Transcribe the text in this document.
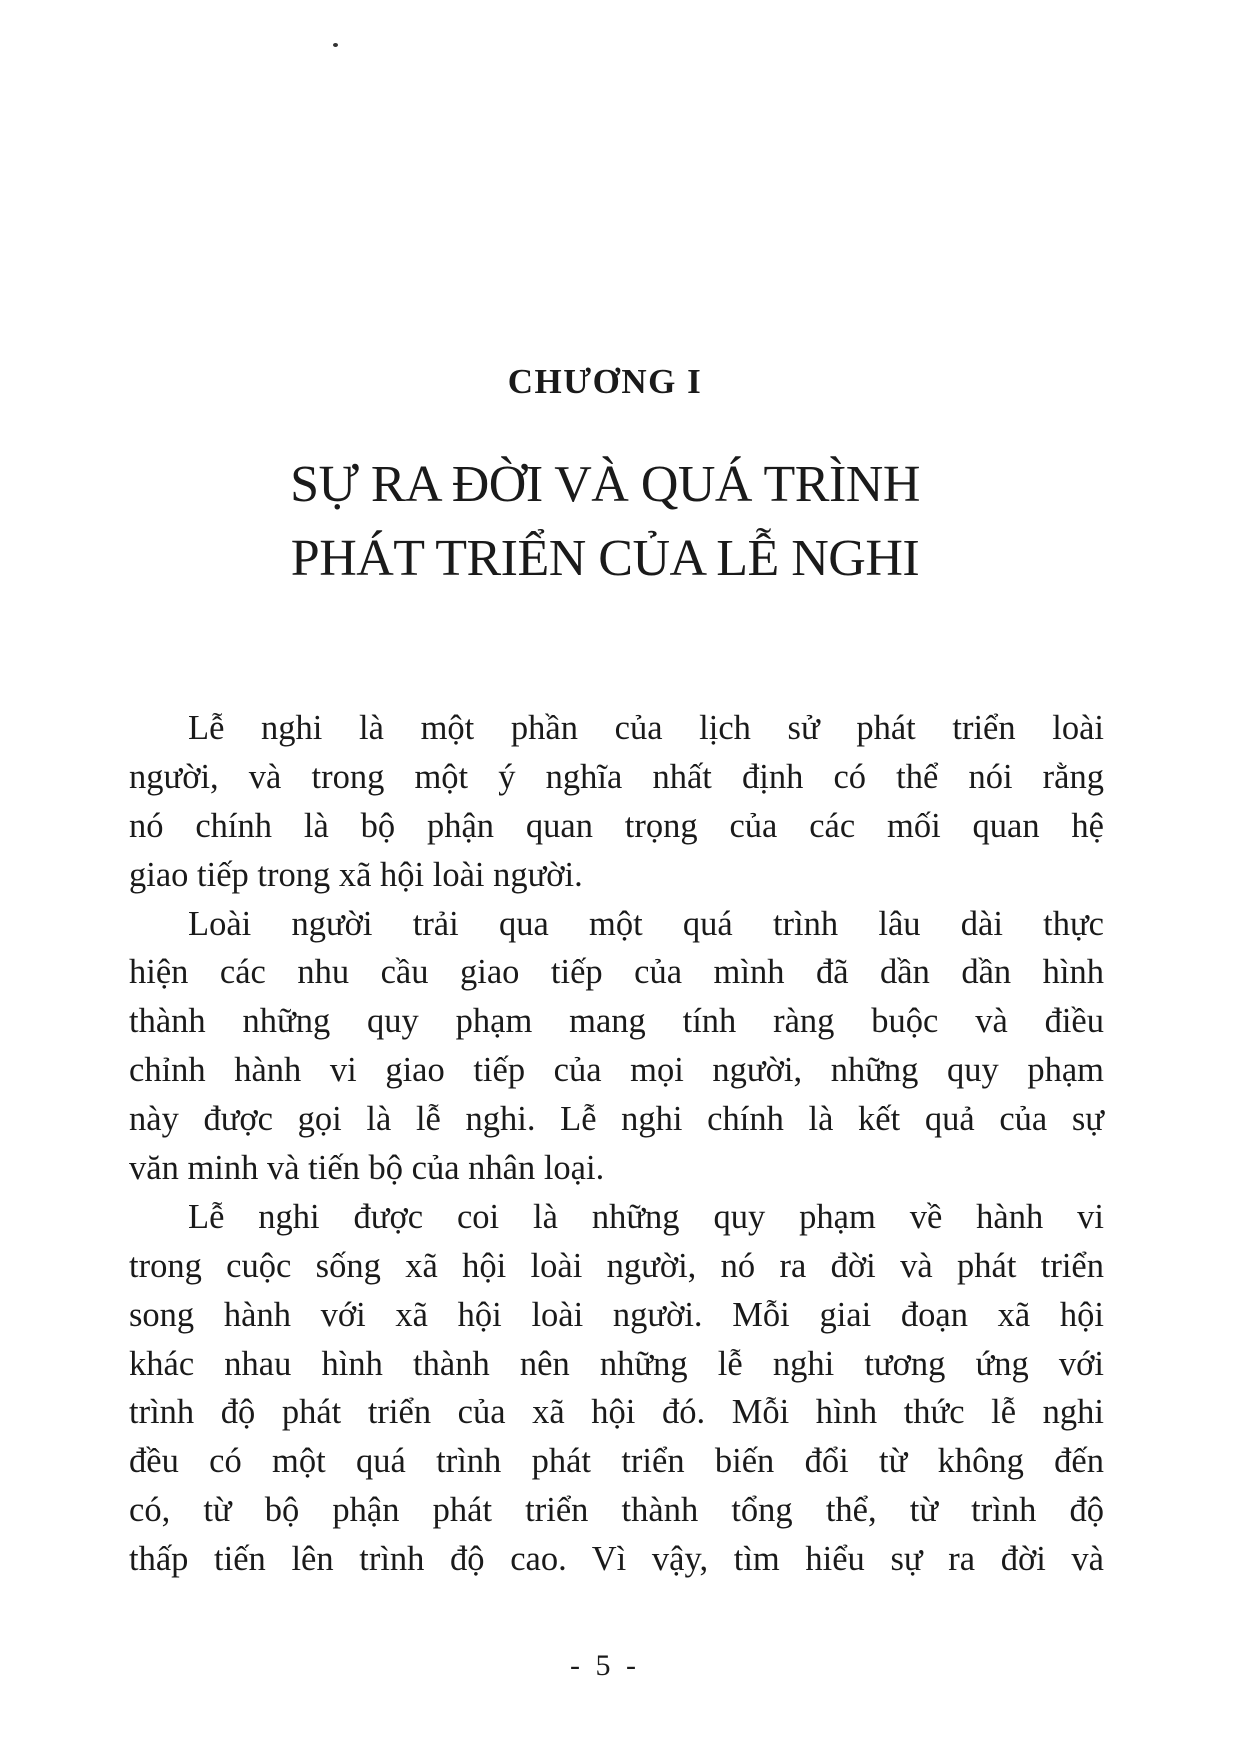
CHƯƠNG I
SỰ RA ĐỜI VÀ QUÁ TRÌNH
PHÁT TRIỂN CỦA LỄ NGHI
Lễ nghi là một phần của lịch sử phát triển loài
người, và trong một ý nghĩa nhất định có thể nói rằng
nó chính là bộ phận quan trọng của các mối quan hệ
giao tiếp trong xã hội loài người.
Loài người trải qua một quá trình lâu dài thực
hiện các nhu cầu giao tiếp của mình đã dần dần hình
thành những quy phạm mang tính ràng buộc và điều
chỉnh hành vi giao tiếp của mọi người, những quy phạm
này được gọi là lễ nghi. Lễ nghi chính là kết quả của sự
văn minh và tiến bộ của nhân loại.
Lễ nghi được coi là những quy phạm về hành vi
trong cuộc sống xã hội loài người, nó ra đời và phát triển
song hành với xã hội loài người. Mỗi giai đoạn xã hội
khác nhau hình thành nên những lễ nghi tương ứng với
trình độ phát triển của xã hội đó. Mỗi hình thức lễ nghi
đều có một quá trình phát triển biến đổi từ không đến
có, từ bộ phận phát triển thành tổng thể, từ trình độ
thấp tiến lên trình độ cao. Vì vậy, tìm hiểu sự ra đời và
- 5 -
